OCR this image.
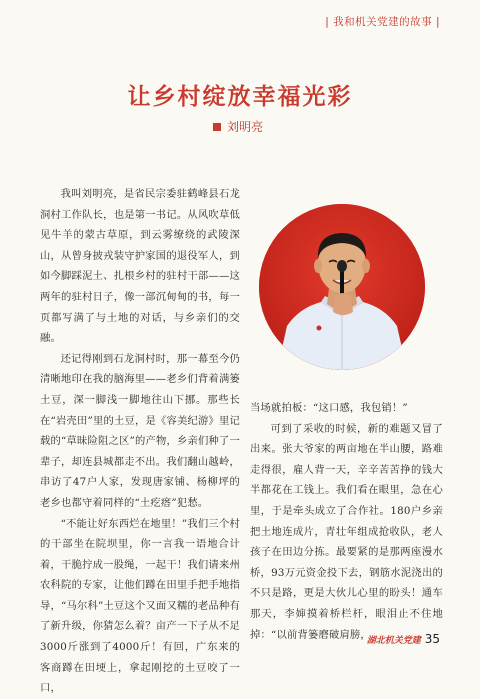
| 我和机关党建的故事 |
让乡村绽放幸福光彩
刘明亮

我叫刘明亮，是省民宗委驻鹤峰县石龙洞村工作队长，也是第一书记。从风吹草低见牛羊的蒙古草原，到云雾缭绕的武陵深山，从曾身披戎装守护家国的退役军人，到如今脚踩泥土、扎根乡村的驻村干部——这两年的驻村日子，像一部沉甸甸的书，每一页都写满了与土地的对话，与乡亲们的交融。

还记得刚到石龙洞村时，那一幕至今仍清晰地印在我的脑海里——老乡们背着满篓土豆，深一脚浅一脚地往山下挪。那些长在“岩壳田”里的土豆，是《容美纪游》里记载的“草昧险阻之区”的产物，乡亲们种了一辈子，却连县城都走不出。我们翻山越岭，串访了47户人家，发现唐家铺、杨柳坪的老乡也都守着同样的“土疙瘩”犯愁。

“不能让好东西烂在地里！”我们三个村的干部坐在院坝里，你一言我一语地合计着，干脆拧成一股绳，一起干！我们请来州农科院的专家，让他们蹲在田里手把手地指导，“马尔科”土豆这个又面又糯的老品种有了新升级，你猜怎么着？亩产一下子从不足3000斤涨到了4000斤！有回，广东来的客商蹲在田埂上，拿起刚挖的土豆咬了一口，

当场就拍板：“这口感，我包销！”

可到了采收的时候，新的难题又冒了出来。张大爷家的两亩地在半山腰，路难走得很，雇人背一天，辛辛苦苦挣的钱大半都花在工钱上。我们看在眼里，急在心里，于是牵头成立了合作社。180户乡亲把土地连成片，青壮年组成抢收队，老人孩子在田边分拣。最要紧的是那两座漫水桥，93万元资金投下去，钢筋水泥浇出的不只是路，更是大伙儿心里的盼头！通车那天，李婶摸着桥栏杆，眼泪止不住地掉：“以前背篓磨破肩膀，

湖北机关党建 35
